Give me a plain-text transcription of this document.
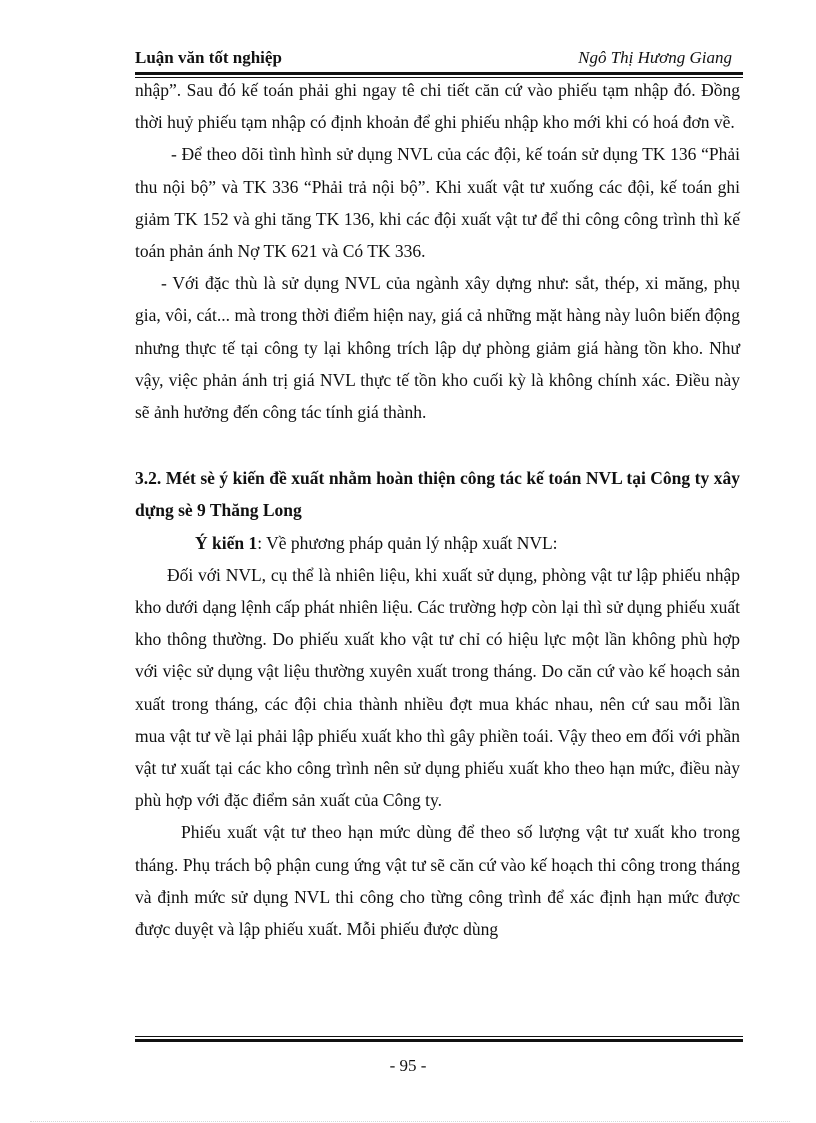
Luận văn tốt nghiệp	Ngô Thị Hương Giang

nhập”. Sau đó kế toán phải ghi ngay tê chi tiết căn cứ vào phiếu tạm nhập đó. Đồng thời huỷ phiếu tạm nhập có định khoản để ghi phiếu nhập kho mới khi có hoá đơn về.

- Để theo dõi tình hình sử dụng NVL của các đội, kế toán sử dụng TK 136 “Phải thu nội bộ” và TK 336 “Phải trả nội bộ”. Khi xuất vật tư xuống các đội, kế toán ghi giảm TK 152 và ghi tăng TK 136, khi các đội xuất vật tư để thi công công trình thì kế toán phản ánh Nợ TK 621 và Có TK 336.

- Với đặc thù là sử dụng NVL của ngành xây dựng như: sắt, thép, xi măng, phụ gia, vôi, cát... mà trong thời điểm hiện nay, giá cả những mặt hàng này luôn biến động nhưng thực tế tại công ty lại không trích lập dự phòng giảm giá hàng tồn kho. Như vậy, việc phản ánh trị giá NVL thực tế tồn kho cuối kỳ là không chính xác. Điều này sẽ ảnh hưởng đến công tác tính giá thành.

3.2. Mét sè ý kiến đề xuất nhằm hoàn thiện công tác kế toán NVL tại Công ty xây dựng sè 9 Thăng Long

Ý kiến 1: Về phương pháp quản lý nhập xuất NVL:

Đối với NVL, cụ thể là nhiên liệu, khi xuất sử dụng, phòng vật tư lập phiếu nhập kho dưới dạng lệnh cấp phát nhiên liệu. Các trường hợp còn lại thì sử dụng phiếu xuất kho thông thường. Do phiếu xuất kho vật tư chỉ có hiệu lực một lần không phù hợp với việc sử dụng vật liệu thường xuyên xuất trong tháng. Do căn cứ vào kế hoạch sản xuất trong tháng, các đội chia thành nhiều đợt mua khác nhau, nên cứ sau mỗi lần mua vật tư về lại phải lập phiếu xuất kho thì gây phiền toái. Vậy theo em đối với phần vật tư xuất tại các kho công trình nên sử dụng phiếu xuất kho theo hạn mức, điều này phù hợp với đặc điểm sản xuất của Công ty.

Phiếu xuất vật tư theo hạn mức dùng để theo số lượng vật tư xuất kho trong tháng. Phụ trách bộ phận cung ứng vật tư sẽ căn cứ vào kế hoạch thi công trong tháng và định mức sử dụng NVL thi công cho từng công trình để xác định hạn mức được được duyệt và lập phiếu xuất. Mỗi phiếu được dùng

- 95 -
